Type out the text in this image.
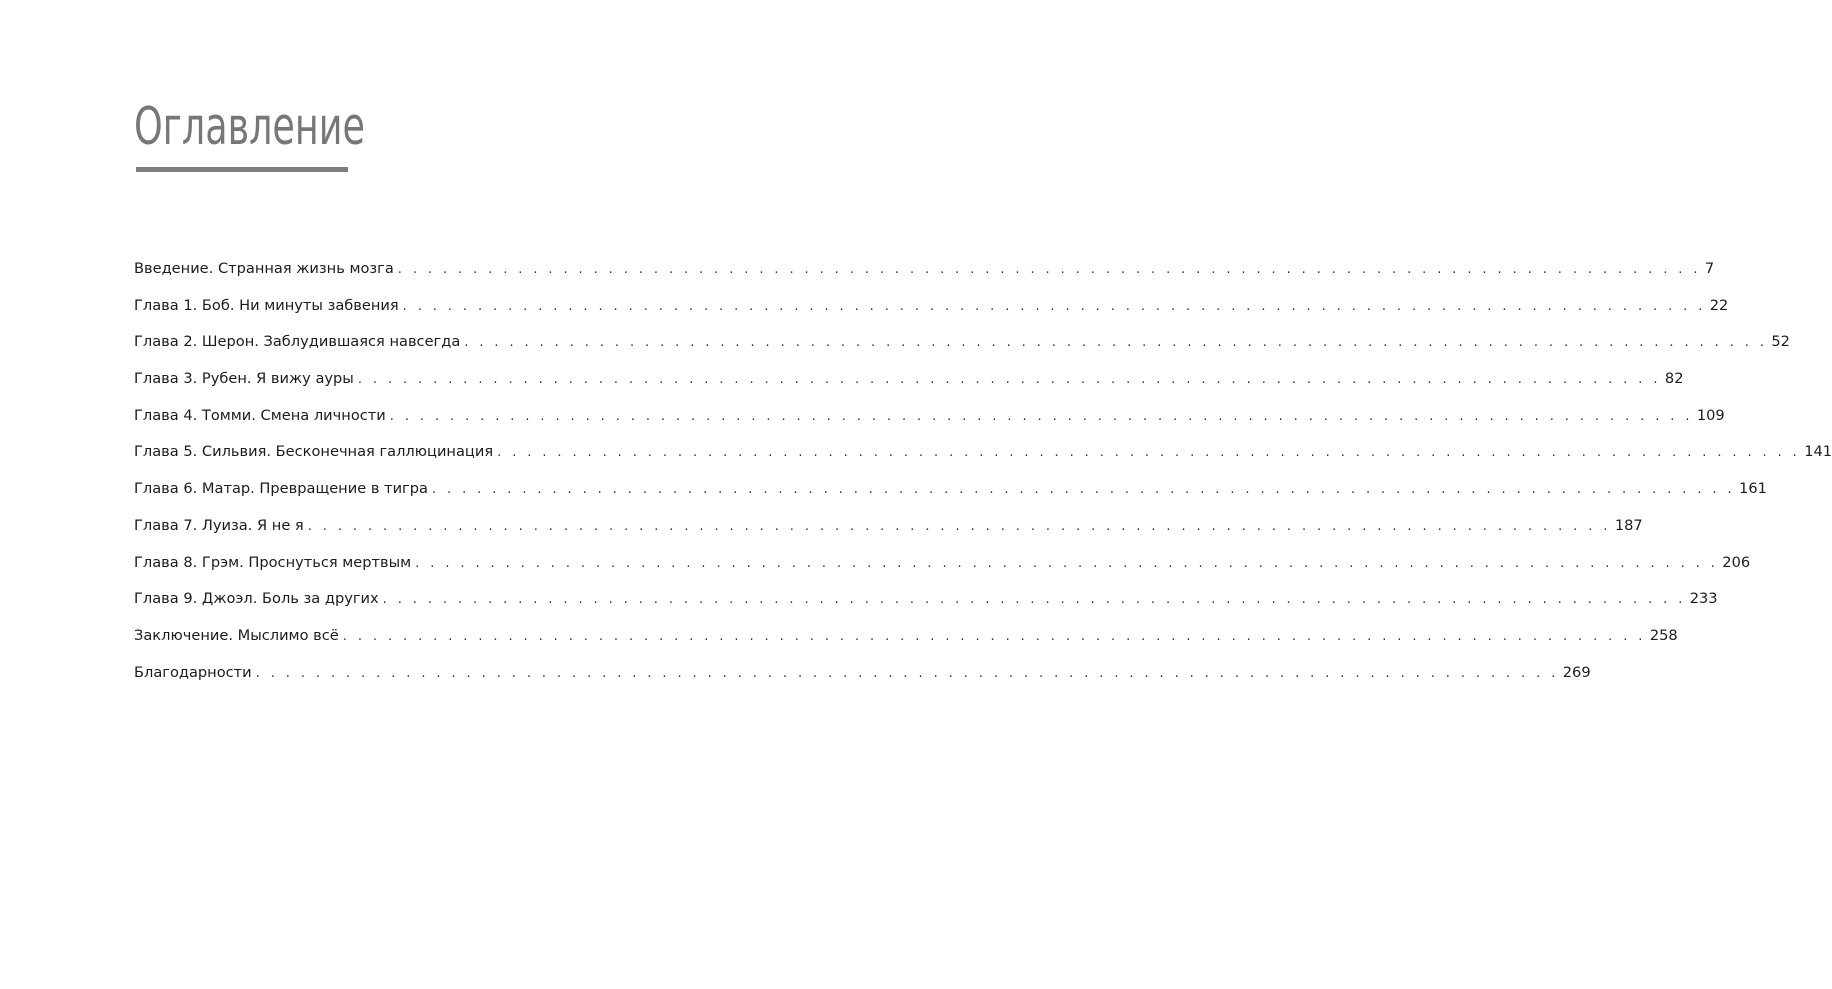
Оглавление
Введение. Странная жизнь мозга . . . . . . . . . . . . . . . . . . . . . . . . . . . . . . . . . . . . . . . . . . . . . . . . . . . . . . . . . . . . . . . . . . . . . . . . . . . . . . . . . . . . . . . 7
Глава 1. Боб. Ни минуты забвения . . . . . . . . . . . . . . . . . . . . . . . . . . . . . . . . . . . . . . . . . . . . . . . . . . . . . . . . . . . . . . . . . . . . . . . . . . . . . . . . . . . . . . . 22
Глава 2. Шерон. Заблудившаяся навсегда . . . . . . . . . . . . . . . . . . . . . . . . . . . . . . . . . . . . . . . . . . . . . . . . . . . . . . . . . . . . . . . . . . . . . . . . . . . . . . . . . . . . . . . 52
Глава 3. Рубен. Я вижу ауры . . . . . . . . . . . . . . . . . . . . . . . . . . . . . . . . . . . . . . . . . . . . . . . . . . . . . . . . . . . . . . . . . . . . . . . . . . . . . . . . . . . . . . . 82
Глава 4. Томми. Смена личности . . . . . . . . . . . . . . . . . . . . . . . . . . . . . . . . . . . . . . . . . . . . . . . . . . . . . . . . . . . . . . . . . . . . . . . . . . . . . . . . . . . . . . . 109
Глава 5. Сильвия. Бесконечная галлюцинация . . . . . . . . . . . . . . . . . . . . . . . . . . . . . . . . . . . . . . . . . . . . . . . . . . . . . . . . . . . . . . . . . . . . . . . . . . . . . . . . . . . . . . . 141
Глава 6. Матар. Превращение в тигра . . . . . . . . . . . . . . . . . . . . . . . . . . . . . . . . . . . . . . . . . . . . . . . . . . . . . . . . . . . . . . . . . . . . . . . . . . . . . . . . . . . . . . . 161
Глава 7. Луиза. Я не я . . . . . . . . . . . . . . . . . . . . . . . . . . . . . . . . . . . . . . . . . . . . . . . . . . . . . . . . . . . . . . . . . . . . . . . . . . . . . . . . . . . . . . . 187
Глава 8. Грэм. Проснуться мертвым . . . . . . . . . . . . . . . . . . . . . . . . . . . . . . . . . . . . . . . . . . . . . . . . . . . . . . . . . . . . . . . . . . . . . . . . . . . . . . . . . . . . . . . 206
Глава 9. Джоэл. Боль за других . . . . . . . . . . . . . . . . . . . . . . . . . . . . . . . . . . . . . . . . . . . . . . . . . . . . . . . . . . . . . . . . . . . . . . . . . . . . . . . . . . . . . . . 233
Заключение. Мыслимо всё . . . . . . . . . . . . . . . . . . . . . . . . . . . . . . . . . . . . . . . . . . . . . . . . . . . . . . . . . . . . . . . . . . . . . . . . . . . . . . . . . . . . . . . 258
Благодарности . . . . . . . . . . . . . . . . . . . . . . . . . . . . . . . . . . . . . . . . . . . . . . . . . . . . . . . . . . . . . . . . . . . . . . . . . . . . . . . . . . . . . . . 269
